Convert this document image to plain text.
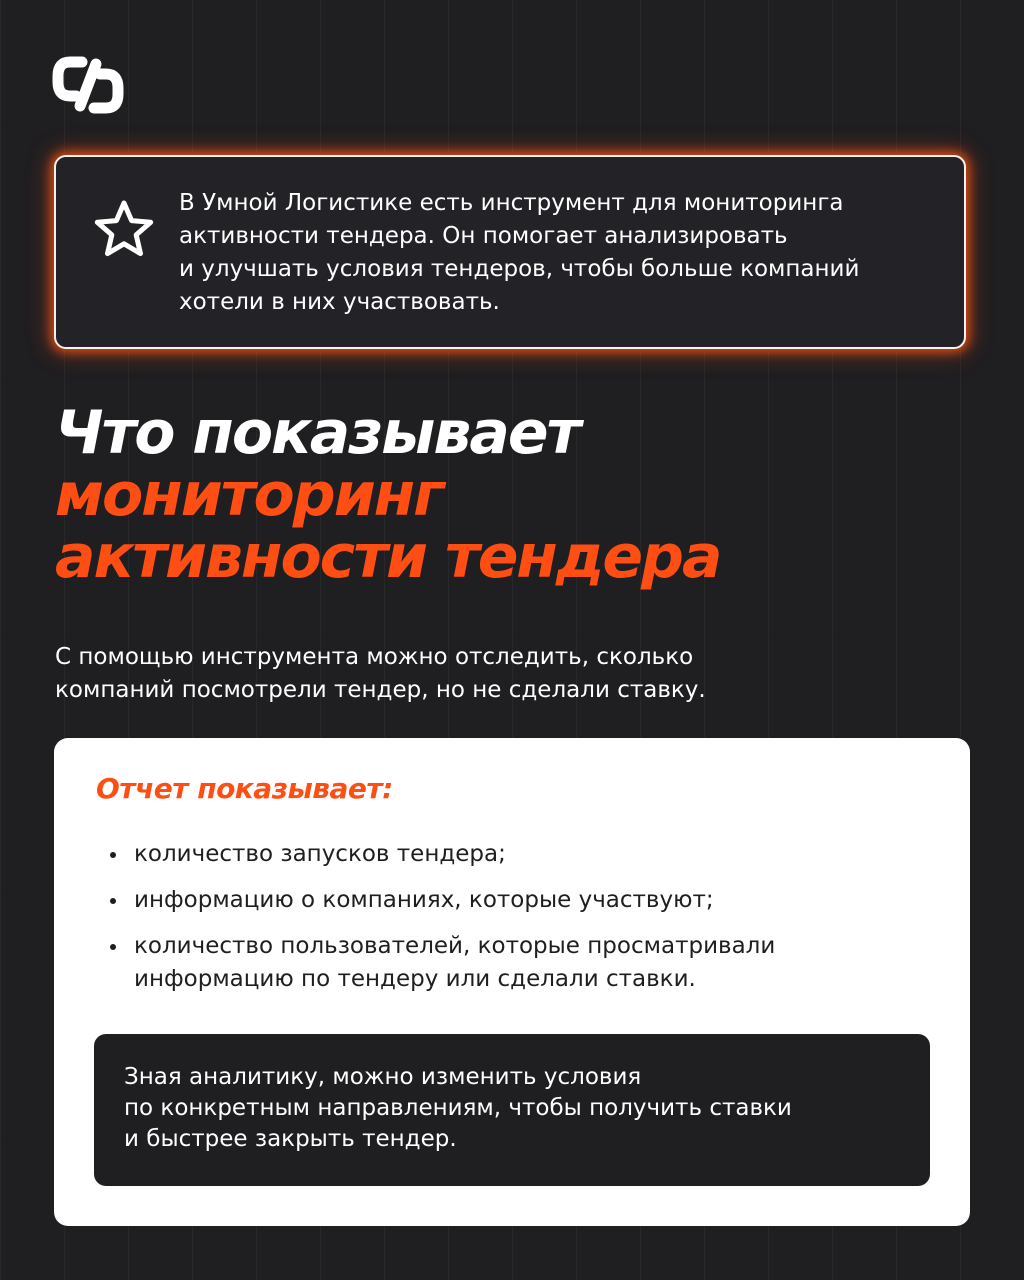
В Умной Логистике есть инструмент для мониторинга
активности тендера. Он помогает анализировать
и улучшать условия тендеров, чтобы больше компаний
хотели в них участвовать.
Что показывает
мониторинг
активности тендера
С помощью инструмента можно отследить, сколько
компаний посмотрели тендер, но не сделали ставку.
Отчет показывает:
количество запусков тендера;
информацию о компаниях, которые участвуют;
количество пользователей, которые просматривали
информацию по тендеру или сделали ставки.
Зная аналитику, можно изменить условия
по конкретным направлениям, чтобы получить ставки
и быстрее закрыть тендер.
